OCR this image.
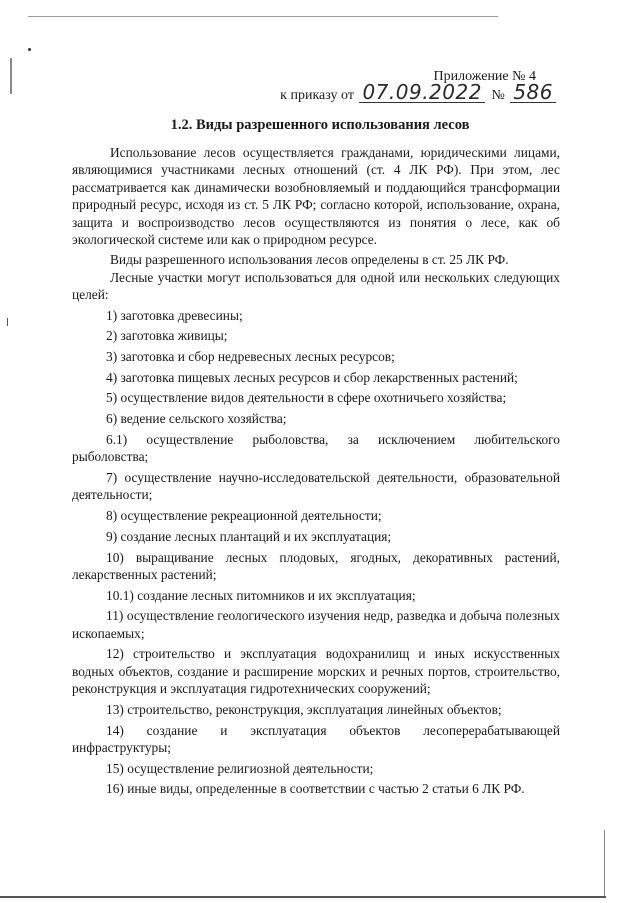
Приложение № 4
к приказу от 07.09.2022 № 586
1.2. Виды разрешенного использования лесов

Использование лесов осуществляется гражданами, юридическими лицами, являющимися участниками лесных отношений (ст. 4 ЛК РФ). При этом, лес рассматривается как динамически возобновляемый и поддающийся трансформации природный ресурс, исходя из ст. 5 ЛК РФ; согласно которой, использование, охрана, защита и воспроизводство лесов осуществляются из понятия о лесе, как об экологической системе или как о природном ресурсе.

Виды разрешенного использования лесов определены в ст. 25 ЛК РФ.

Лесные участки могут использоваться для одной или нескольких следующих целей:

1) заготовка древесины;
2) заготовка живицы;
3) заготовка и сбор недревесных лесных ресурсов;
4) заготовка пищевых лесных ресурсов и сбор лекарственных растений;
5) осуществление видов деятельности в сфере охотничьего хозяйства;
6) ведение сельского хозяйства;
6.1) осуществление рыболовства, за исключением любительского рыболовства;
7) осуществление научно-исследовательской деятельности, образовательной деятельности;
8) осуществление рекреационной деятельности;
9) создание лесных плантаций и их эксплуатация;
10) выращивание лесных плодовых, ягодных, декоративных растений, лекарственных растений;
10.1) создание лесных питомников и их эксплуатация;
11) осуществление геологического изучения недр, разведка и добыча полезных ископаемых;
12) строительство и эксплуатация водохранилищ и иных искусственных водных объектов, создание и расширение морских и речных портов, строительство, реконструкция и эксплуатация гидротехнических сооружений;
13) строительство, реконструкция, эксплуатация линейных объектов;
14) создание и эксплуатация объектов лесоперерабатывающей инфраструктуры;
15) осуществление религиозной деятельности;
16) иные виды, определенные в соответствии с частью 2 статьи 6 ЛК РФ.
